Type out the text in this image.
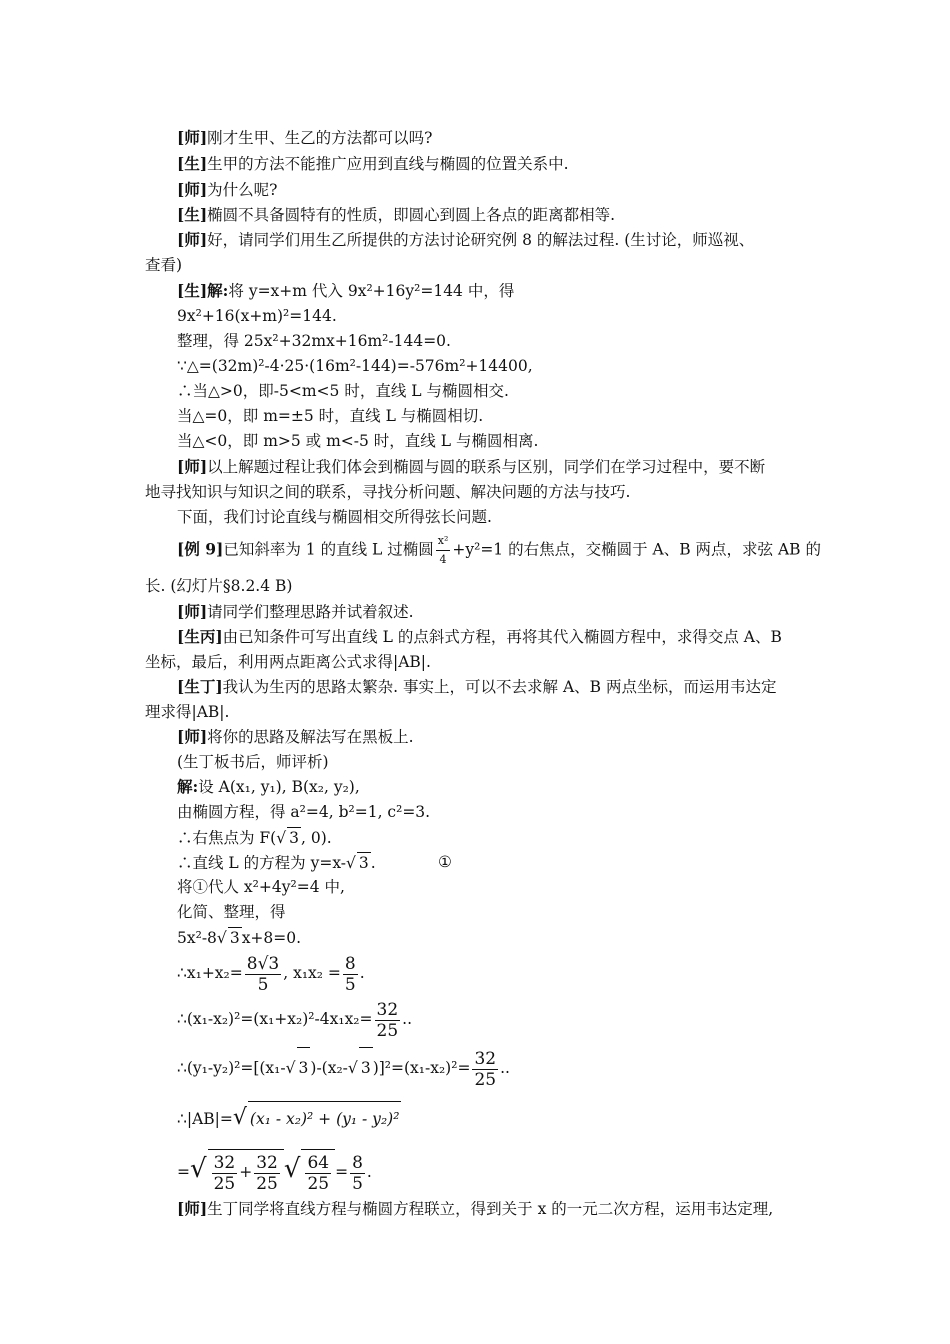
[师]刚才生甲、生乙的方法都可以吗?
[生]生甲的方法不能推广应用到直线与椭圆的位置关系中.
[师]为什么呢?
[生]椭圆不具备圆特有的性质，即圆心到圆上各点的距离都相等.
[师]好，请同学们用生乙所提供的方法讨论研究例 8 的解法过程. (生讨论，师巡视、
查看)
[生]解:将 y=x+m 代入 9x²+16y²=144 中，得
9x²+16(x+m)²=144.
整理，得 25x²+32mx+16m²-144=0.
∵△=(32m)²-4·25·(16m²-144)=-576m²+14400,
∴当△>0，即-5<m<5 时，直线 L 与椭圆相交.
当△=0，即 m=±5 时，直线 L 与椭圆相切.
当△<0，即 m>5 或 m<-5 时，直线 L 与椭圆相离.
[师]以上解题过程让我们体会到椭圆与圆的联系与区别，同学们在学习过程中，要不断
地寻找知识与知识之间的联系，寻找分析问题、解决问题的方法与技巧.
下面，我们讨论直线与椭圆相交所得弦长问题.
[例 9]已知斜率为 1 的直线 L 过椭圆 $\frac{\text{x²}}{4} +y^2=1$ 的右焦点，交椭圆于 A、B 两点，求弦 AB 的
长. (幻灯片§8.2.4 B)
[师]请同学们整理思路并试着叙述.
[生丙]由已知条件可写出直线 L 的点斜式方程，再将其代入椭圆方程中，求得交点 A、B
坐标，最后，利用两点距离公式求得|AB|.
[生丁]我认为生丙的思路太繁杂. 事实上，可以不去求解 A、B 两点坐标，而运用韦达定
理求得|AB|.
[师]将你的思路及解法写在黑板上.
(生丁板书后，师评析)
解:设 A(x₁, y₁), B(x₂, y₂),
由椭圆方程，得 a²=4, b²=1, c²=3.
∴右焦点为 F( √ 3 , 0).
∴直线 L 的方程为 y=x- √ 3 .	①
将①代人 x²+4y²=4 中,
化简、整理，得
5x²-8 √ 3 x+8=0.
∴x₁+x₂= $\frac{8√3}{5}$ , $x_1x_2 = \frac{8}{5}$ .
∴(x₁-x₂)²=(x₁+x₂)²-4x₁x₂= $\frac{32}{25}$ ..
∴(y₁-y₂)²=[(x₁- √ 3 )-(x₂- √ 3 )]$^2=(x_1-x_2)^2= \frac{32}{25}$ ..
∴|AB|= √ (x₁ - x₂)² + (y₁ - y₂)²
= √ $\frac{32}{25} + \frac{32}{25}$ √ $\frac{64}{25} = \frac{8}{5}$ .
[师]生丁同学将直线方程与椭圆方程联立，得到关于 x 的一元二次方程，运用韦达定理,
